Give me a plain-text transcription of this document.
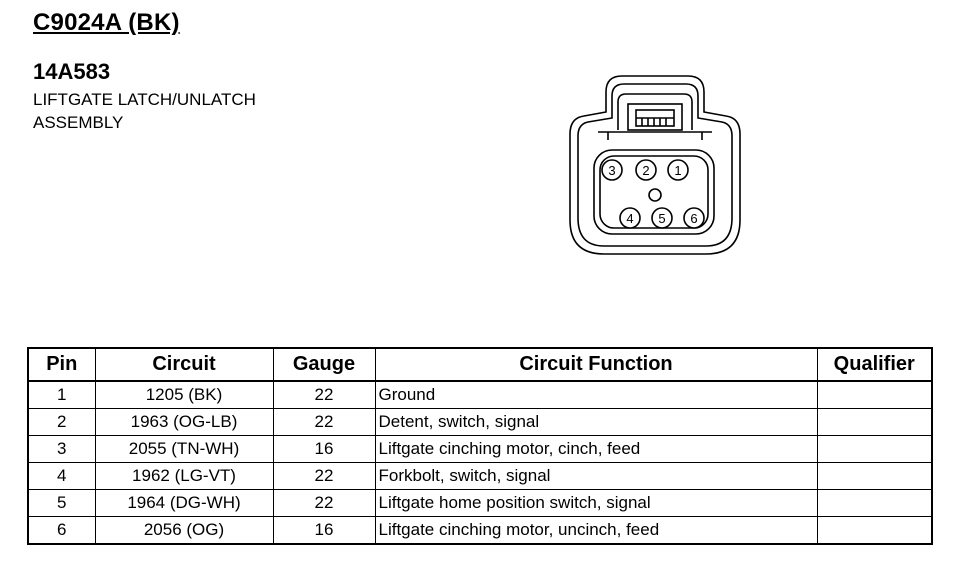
C9024A (BK)
14A583
LIFTGATE LATCH/UNLATCH
ASSEMBLY
1
2
3
4 5 6
Pin	Circuit	Gauge	Circuit Function	Qualifier
1	1205 (BK)	22	Ground	
2	1963 (OG-LB)	22	Detent, switch, signal	
3	2055 (TN-WH)	16	Liftgate cinching motor, cinch, feed	
4	1962 (LG-VT)	22	Forkbolt, switch, signal	
5	1964 (DG-WH)	22	Liftgate home position switch, signal	
6	2056 (OG)	16	Liftgate cinching motor, uncinch, feed	
